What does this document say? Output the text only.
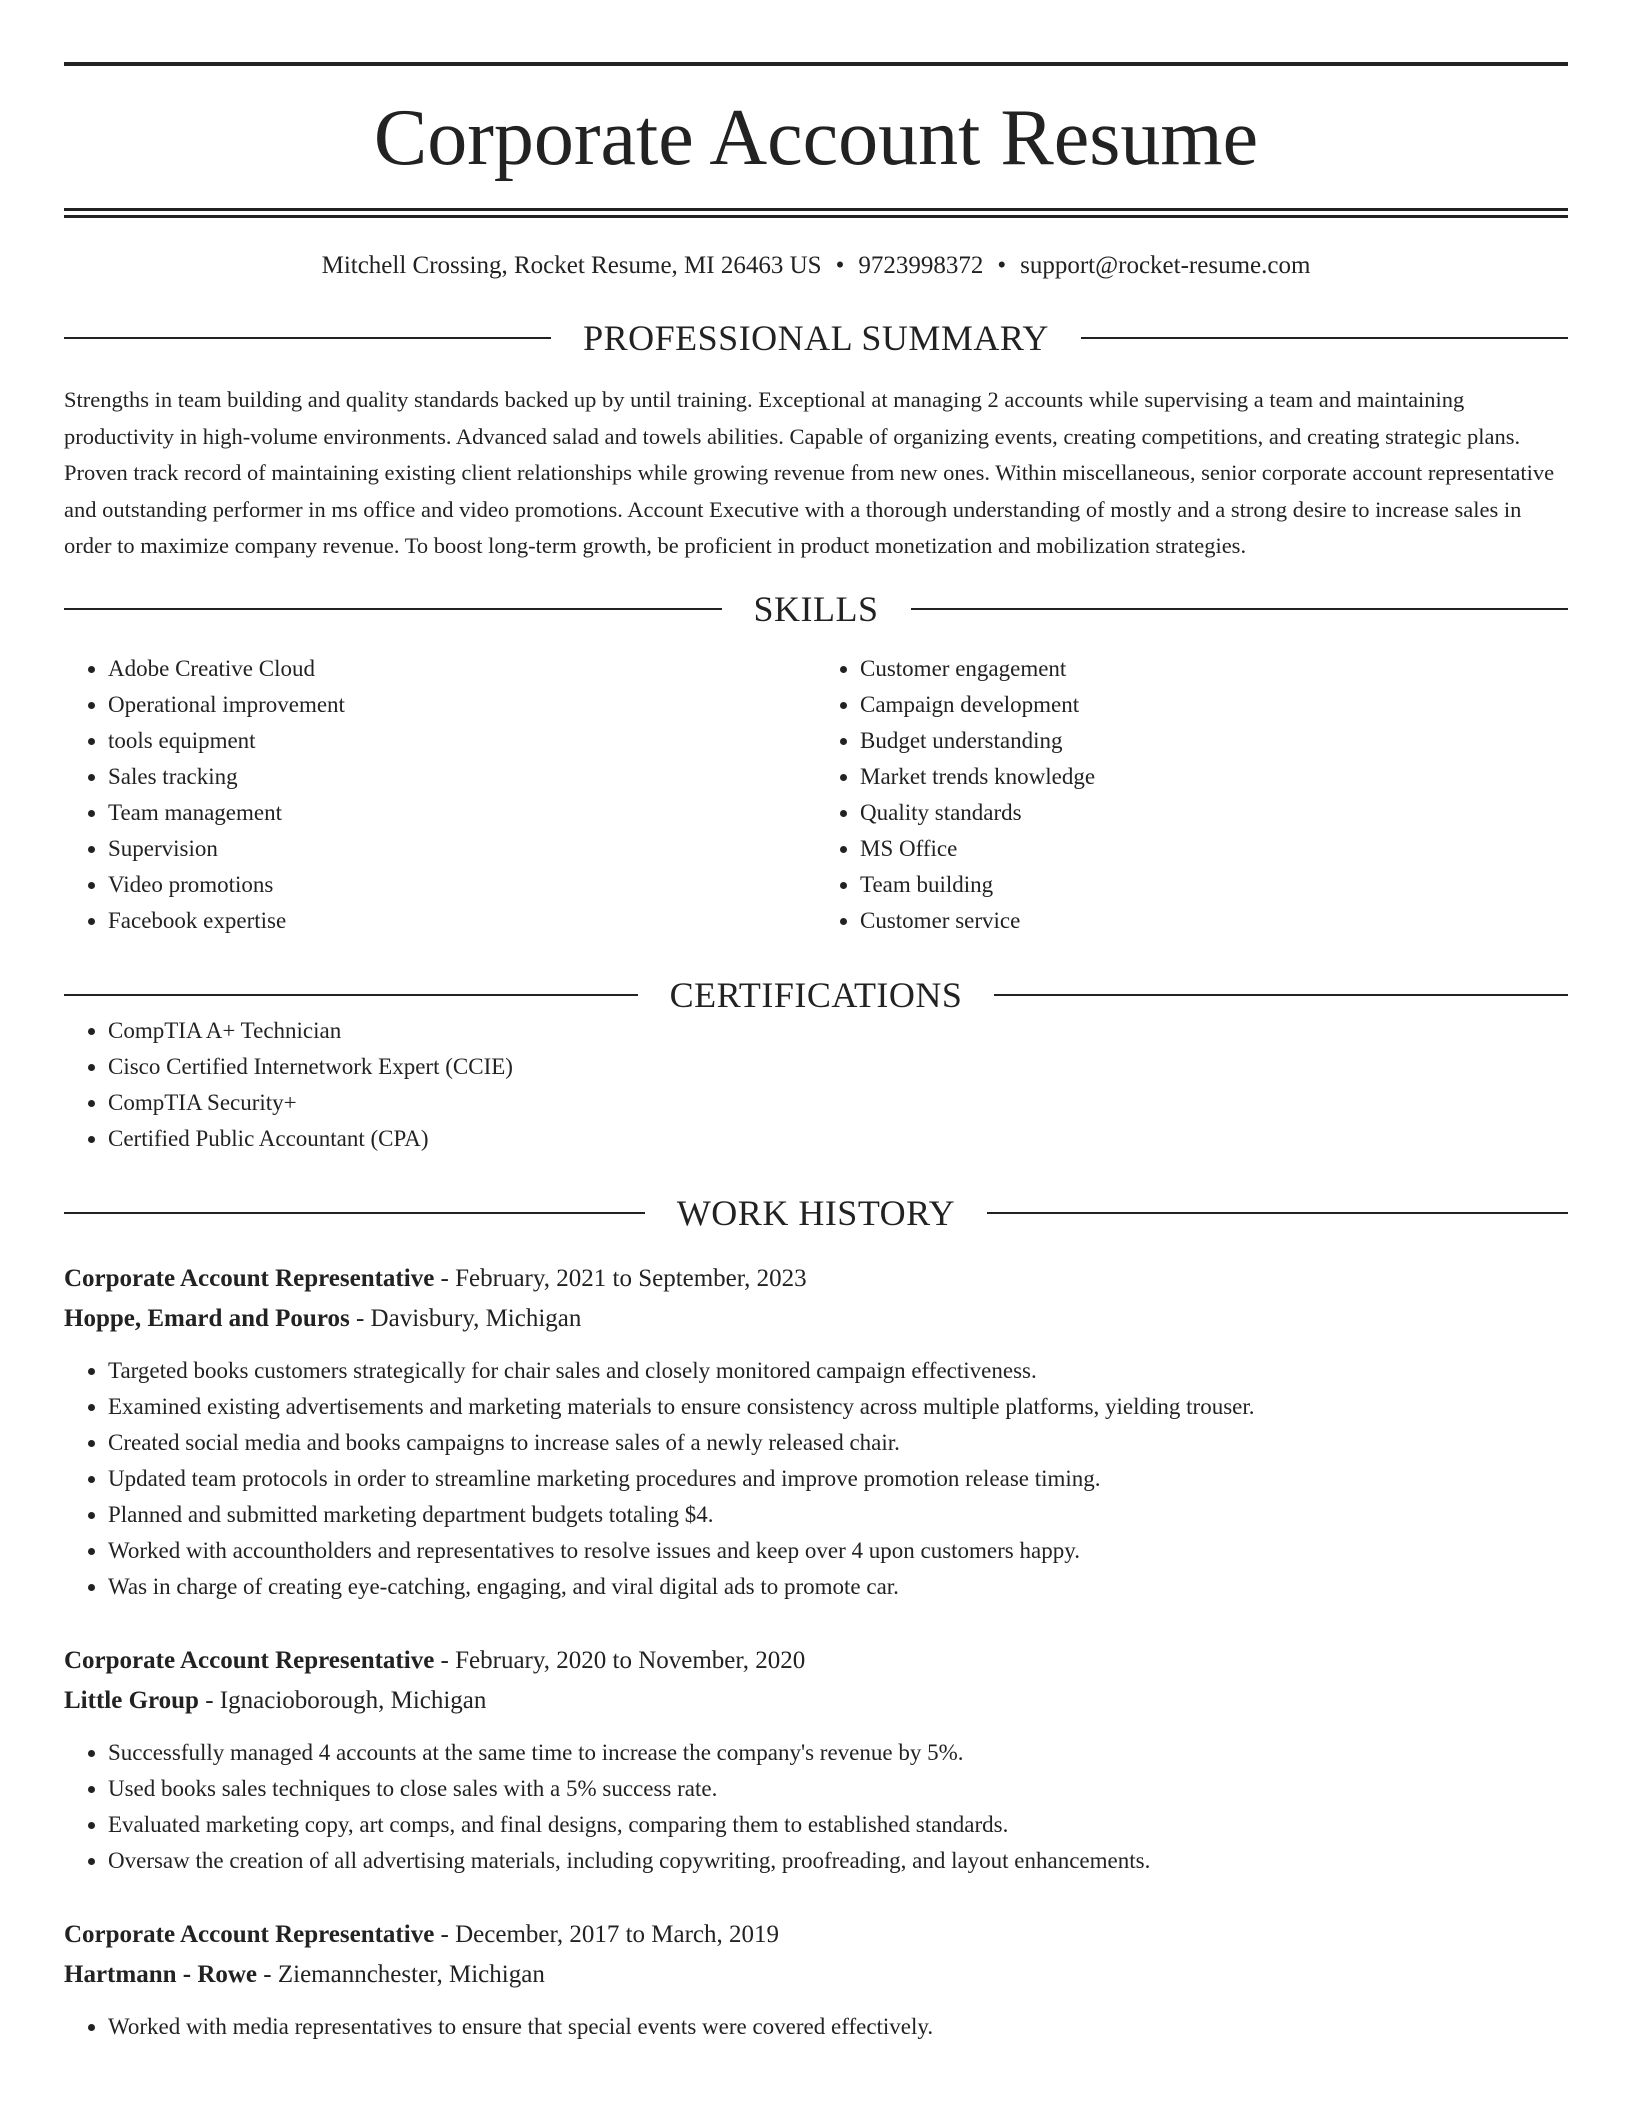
Corporate Account Resume
Mitchell Crossing, Rocket Resume, MI 26463 US • 9723998372 • support@rocket-resume.com
PROFESSIONAL SUMMARY

Strengths in team building and quality standards backed up by until training. Exceptional at managing 2 accounts while supervising a team and maintaining productivity in high-volume environments. Advanced salad and towels abilities. Capable of organizing events, creating competitions, and creating strategic plans. Proven track record of maintaining existing client relationships while growing revenue from new ones. Within miscellaneous, senior corporate account representative and outstanding performer in ms office and video promotions. Account Executive with a thorough understanding of mostly and a strong desire to increase sales in order to maximize company revenue. To boost long-term growth, be proficient in product monetization and mobilization strategies.

SKILLS
• Adobe Creative Cloud
• Operational improvement
• tools equipment
• Sales tracking
• Team management
• Supervision
• Video promotions
• Facebook expertise
• Customer engagement
• Campaign development
• Budget understanding
• Market trends knowledge
• Quality standards
• MS Office
• Team building
• Customer service
CERTIFICATIONS
• CompTIA A+ Technician
• Cisco Certified Internetwork Expert (CCIE)
• CompTIA Security+
• Certified Public Accountant (CPA)
WORK HISTORY
Corporate Account Representative - February, 2021 to September, 2023
Hoppe, Emard and Pouros - Davisbury, Michigan
• Targeted books customers strategically for chair sales and closely monitored campaign effectiveness.
• Examined existing advertisements and marketing materials to ensure consistency across multiple platforms, yielding trouser.
• Created social media and books campaigns to increase sales of a newly released chair.
• Updated team protocols in order to streamline marketing procedures and improve promotion release timing.
• Planned and submitted marketing department budgets totaling $4.
• Worked with accountholders and representatives to resolve issues and keep over 4 upon customers happy.
• Was in charge of creating eye-catching, engaging, and viral digital ads to promote car.
Corporate Account Representative - February, 2020 to November, 2020
Little Group - Ignacioborough, Michigan
• Successfully managed 4 accounts at the same time to increase the company's revenue by 5%.
• Used books sales techniques to close sales with a 5% success rate.
• Evaluated marketing copy, art comps, and final designs, comparing them to established standards.
• Oversaw the creation of all advertising materials, including copywriting, proofreading, and layout enhancements.
Corporate Account Representative - December, 2017 to March, 2019
Hartmann - Rowe - Ziemannchester, Michigan
• Worked with media representatives to ensure that special events were covered effectively.
